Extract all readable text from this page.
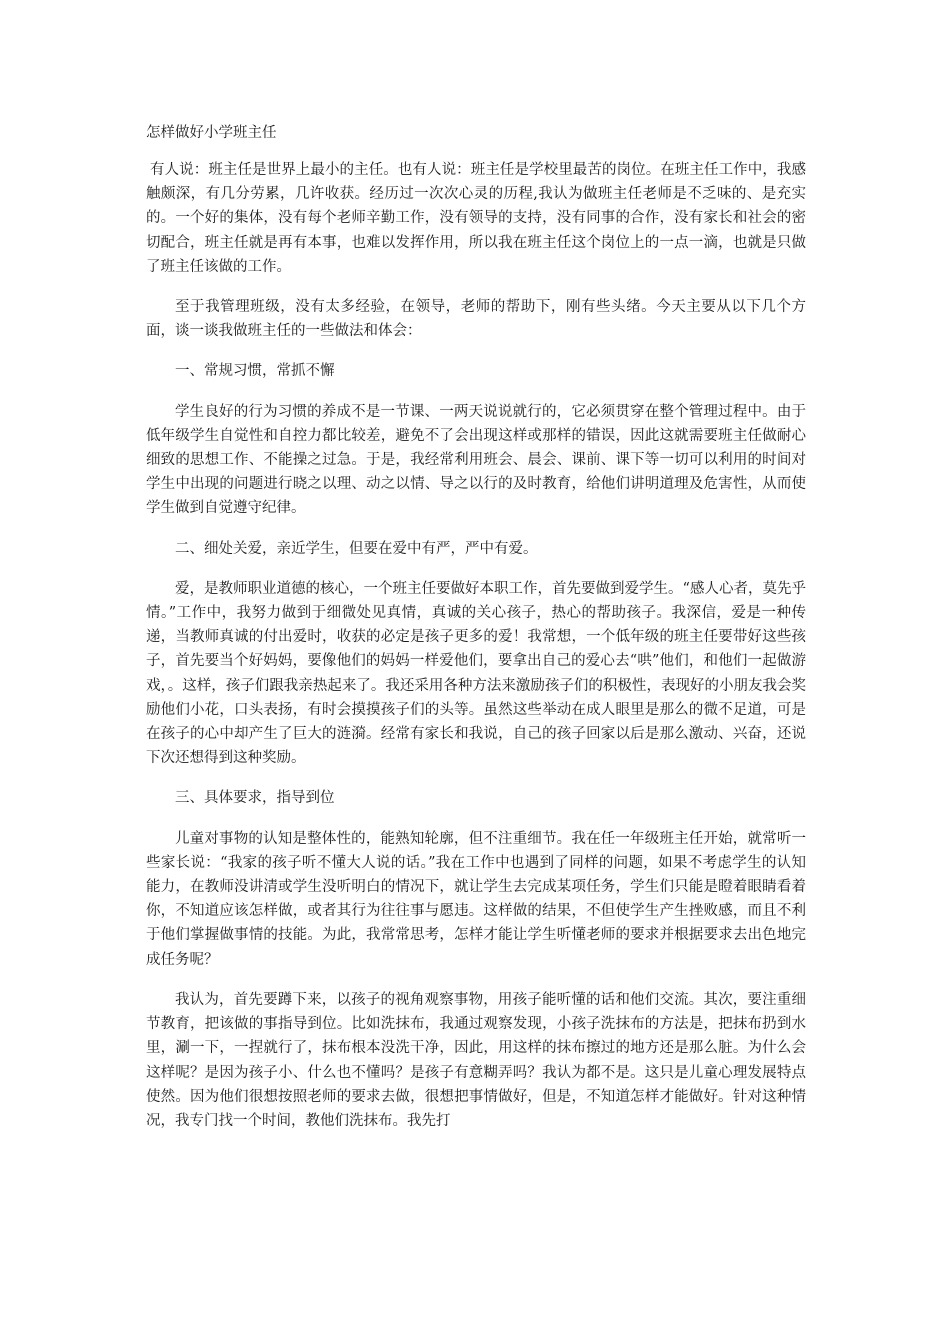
怎样做好小学班主任

有人说：班主任是世界上最小的主任。也有人说：班主任是学校里最苦的岗位。在班主任工作中，我感触颇深，有几分劳累，几许收获。经历过一次次心灵的历程,我认为做班主任老师是不乏味的、是充实的。一个好的集体，没有每个老师辛勤工作，没有领导的支持，没有同事的合作，没有家长和社会的密切配合，班主任就是再有本事，也难以发挥作用，所以我在班主任这个岗位上的一点一滴，也就是只做了班主任该做的工作。

至于我管理班级，没有太多经验，在领导，老师的帮助下，刚有些头绪。今天主要从以下几个方面，谈一谈我做班主任的一些做法和体会：

一、常规习惯，常抓不懈

学生良好的行为习惯的养成不是一节课、一两天说说就行的，它必须贯穿在整个管理过程中。由于低年级学生自觉性和自控力都比较差，避免不了会出现这样或那样的错误，因此这就需要班主任做耐心细致的思想工作、不能操之过急。于是，我经常利用班会、晨会、课前、课下等一切可以利用的时间对学生中出现的问题进行晓之以理、动之以情、导之以行的及时教育，给他们讲明道理及危害性，从而使学生做到自觉遵守纪律。

二、细处关爱，亲近学生，但要在爱中有严，严中有爱。

爱，是教师职业道德的核心，一个班主任要做好本职工作，首先要做到爱学生。“感人心者，莫先乎情。”工作中，我努力做到于细微处见真情，真诚的关心孩子，热心的帮助孩子。我深信，爱是一种传递，当教师真诚的付出爱时，收获的必定是孩子更多的爱！我常想，一个低年级的班主任要带好这些孩子，首先要当个好妈妈，要像他们的妈妈一样爱他们，要拿出自己的爱心去“哄”他们，和他们一起做游戏，。这样，孩子们跟我亲热起来了。我还采用各种方法来激励孩子们的积极性，表现好的小朋友我会奖励他们小花，口头表扬，有时会摸摸孩子们的头等。虽然这些举动在成人眼里是那么的微不足道，可是在孩子的心中却产生了巨大的涟漪。经常有家长和我说，自己的孩子回家以后是那么激动、兴奋，还说下次还想得到这种奖励。

三、具体要求，指导到位

儿童对事物的认知是整体性的，能熟知轮廓，但不注重细节。我在任一年级班主任开始，就常听一些家长说：“我家的孩子听不懂大人说的话。”我在工作中也遇到了同样的问题，如果不考虑学生的认知能力，在教师没讲清或学生没听明白的情况下，就让学生去完成某项任务，学生们只能是瞪着眼睛看着你，不知道应该怎样做，或者其行为往往事与愿违。这样做的结果，不但使学生产生挫败感，而且不利于他们掌握做事情的技能。为此，我常常思考，怎样才能让学生听懂老师的要求并根据要求去出色地完成任务呢？

我认为，首先要蹲下来，以孩子的视角观察事物，用孩子能听懂的话和他们交流。其次，要注重细节教育，把该做的事指导到位。比如洗抹布，我通过观察发现，小孩子洗抹布的方法是，把抹布扔到水里，涮一下，一捏就行了，抹布根本没洗干净，因此，用这样的抹布擦过的地方还是那么脏。为什么会这样呢？是因为孩子小、什么也不懂吗？是孩子有意糊弄吗？我认为都不是。这只是儿童心理发展特点使然。因为他们很想按照老师的要求去做，很想把事情做好，但是，不知道怎样才能做好。针对这种情况，我专门找一个时间，教他们洗抹布。我先打
